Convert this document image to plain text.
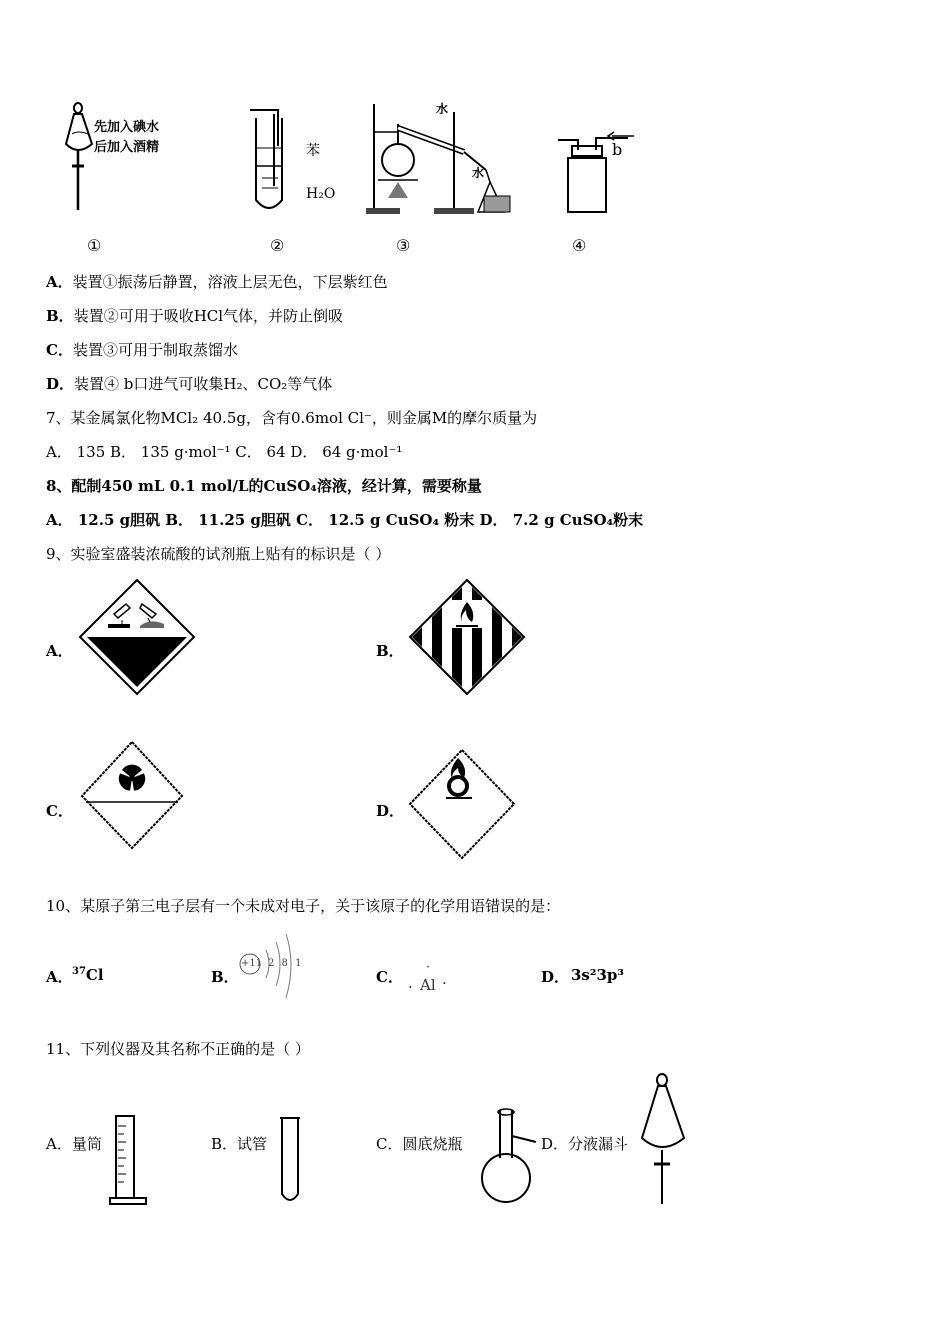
先加入碘水
后加入酒精	苯
H₂O
水
水
b
①	②	③	④
A．装置①振荡后静置，溶液上层无色，下层紫红色
B．装置②可用于吸收HCl气体，并防止倒吸
C．装置③可用于制取蒸馏水
D．装置④ b口进气可收集H₂、CO₂等气体
7、某金属氯化物MCl₂ 40.5g，含有0.6mol Cl⁻，则金属M的摩尔质量为
A． 135 B． 135 g·mol⁻¹ C． 64 D． 64 g·mol⁻¹
8、配制450 mL 0.1 mol/L的CuSO₄溶液，经计算，需要称量
A． 12.5 g胆矾 B． 11.25 g胆矾 C． 12.5 g CuSO₄ 粉末 D． 7.2 g CuSO₄粉末
9、实验室盛装浓硫酸的试剂瓶上贴有的标识是（ ）
A．	B．
C．	D．
10、某原子第三电子层有一个未成对电子，关于该原子的化学用语错误的是：
A． $^{37}$Cl	B．
+11 2 8 1
C．
·
. Al ·	D． 3s²3p³
11、下列仪器及其名称不正确的是（ ）
A．量筒	B．试管	C．圆底烧瓶	D．分液漏斗
